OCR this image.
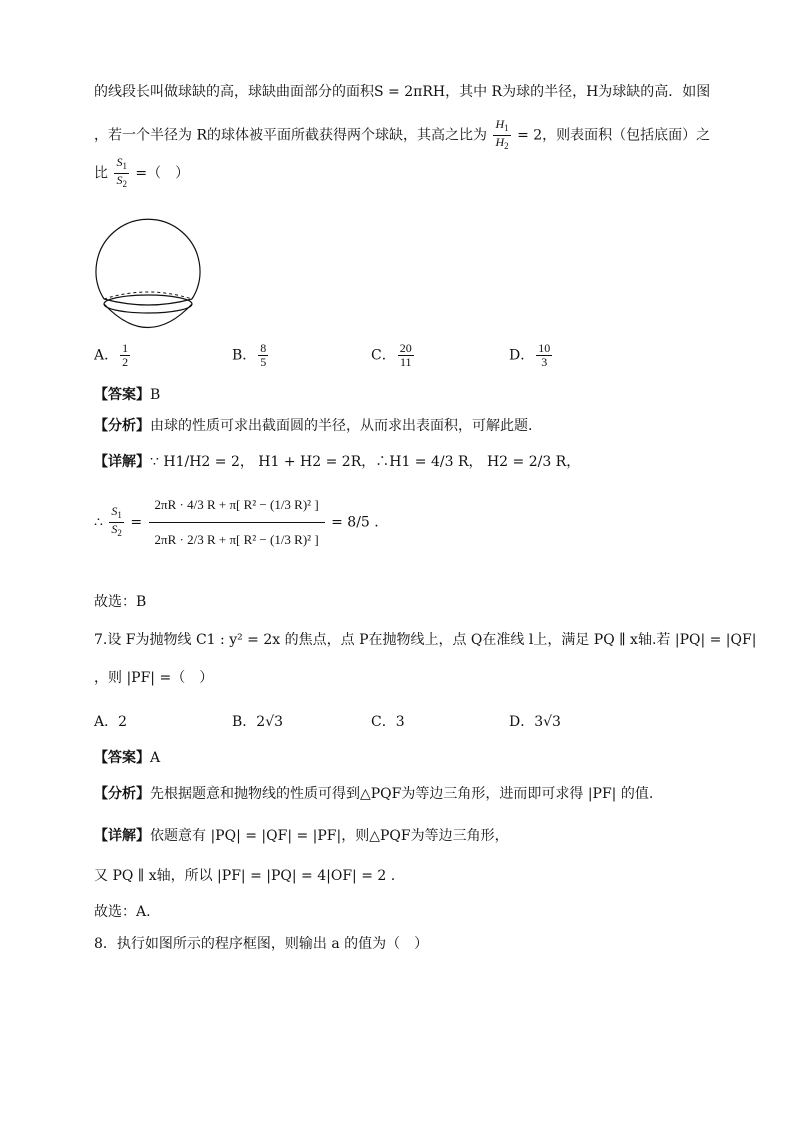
的线段长叫做球缺的高，球缺曲面部分的面积S = 2πRH，其中 R为球的半径，H为球缺的高．如图
，若一个半径为 R的球体被平面所截获得两个球缺，其高之比为 $\frac{H_1}{H_2} = 2$，则表面积（包括底面）之
比 $\frac{S_1}{S_2}$ =（　）
A． $\frac{1}{2}$	B． $\frac{8}{5}$	C． $\frac{20}{11}$	D． $\frac{10}{3}$
【答案】B
【分析】由球的性质可求出截面圆的半径，从而求出表面积，可解此题.
【详解】∵ H1/H2 = 2， H1 + H2 = 2R，∴H1 = 4/3 R， H2 = 2/3 R，
∴ $\frac{S_1}{S_2} = \frac{\text{2πR · 4/3 R + π[ R² − (1/3 R)² ]}}{\text{2πR · 2/3 R + π[ R² − (1/3 R)² ]}} = 8/5$ .
故选：B
7.设 F为抛物线 C1 : y² = 2x 的焦点，点 P在抛物线上，点 Q在准线 l上，满足 PQ ∥ x轴.若 |PQ| = |QF|
，则 |PF| =（　）
A．2	B．2√3	C．3	D．3√3
【答案】A
【分析】先根据题意和抛物线的性质可得到△PQF为等边三角形，进而即可求得 |PF| 的值.
【详解】依题意有 |PQ| = |QF| = |PF|，则△PQF为等边三角形，
又 PQ ∥ x轴，所以 |PF| = |PQ| = 4|OF| = 2 .
故选：A.
8．执行如图所示的程序框图，则输出 a 的值为（　）
